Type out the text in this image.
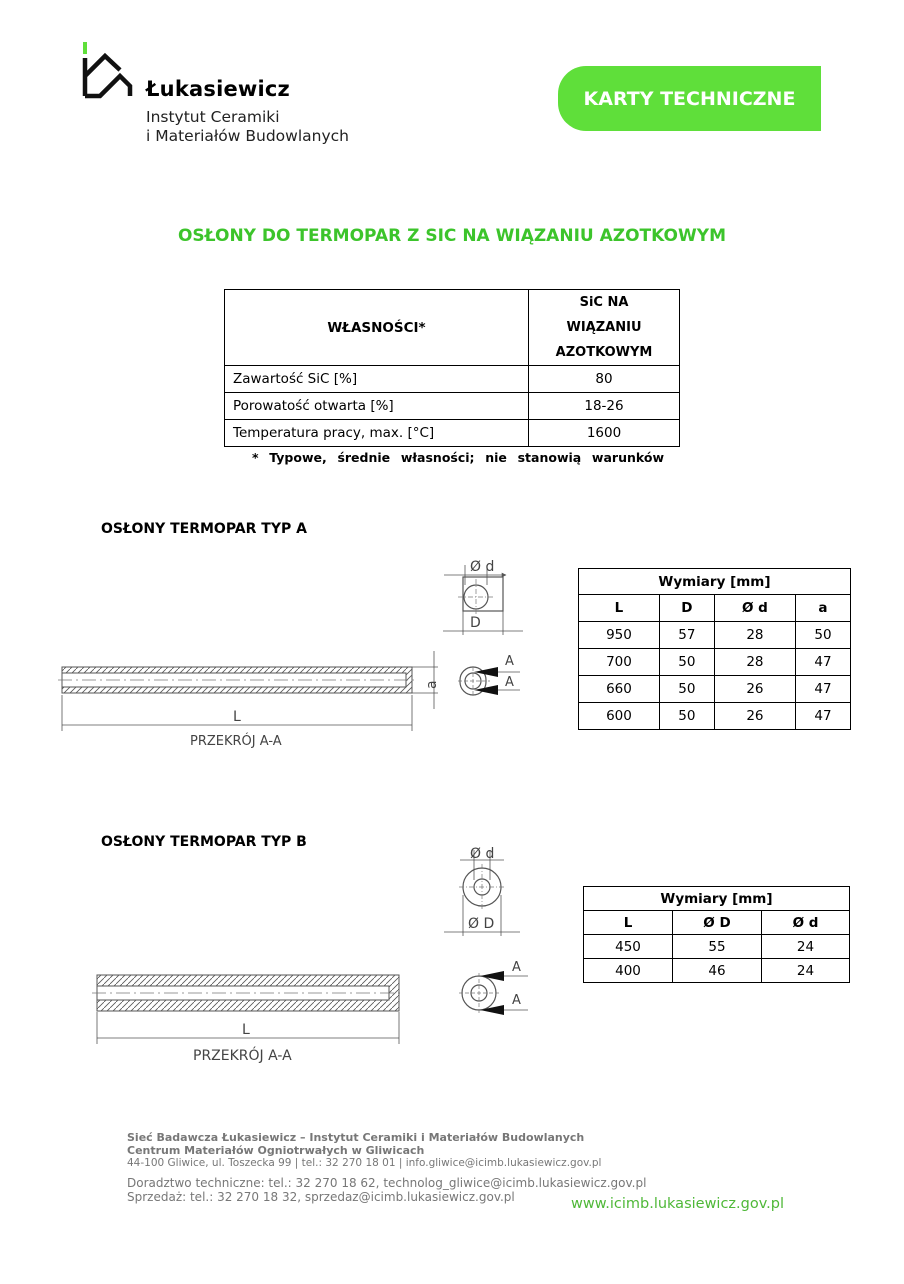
Łukasiewicz
Instytut Ceramiki
i Materiałów Budowlanych
KARTY TECHNICZNE
OSŁONY DO TERMOPAR Z SIC NA WIĄZANIU AZOTKOWYM
WŁASNOŚCI*	SiC NA
WIĄZANIU
AZOTKOWYM
Zawartość SiC [%]	80
Porowatość otwarta [%]	18-26
Temperatura pracy, max. [°C]	1600
* Typowe, średnie własności; nie stanowią warunków
OSŁONY TERMOPAR TYP A
Ø d
D
a
L
PRZEKRÓJ A-A
A
A
Wymiary [mm]			
L	D	Ø d	a
950	57	28	50
700	50	28	47
660	50	26	47
600	50	26	47
OSŁONY TERMOPAR TYP B
Ø d
Ø D
L
PRZEKRÓJ A-A
A
A
Wymiary [mm]		
L	Ø D	Ø d
450	55	24
400	46	24
Sieć Badawcza Łukasiewicz – Instytut Ceramiki i Materiałów Budowlanych
Centrum Materiałów Ogniotrwałych w Gliwicach
44-100 Gliwice, ul. Toszecka 99 | tel.: 32 270 18 01 | info.gliwice@icimb.lukasiewicz.gov.pl
Doradztwo techniczne: tel.: 32 270 18 62, technolog_gliwice@icimb.lukasiewicz.gov.pl
Sprzedaż: tel.: 32 270 18 32, sprzedaz@icimb.lukasiewicz.gov.pl	www.icimb.lukasiewicz.gov.pl
